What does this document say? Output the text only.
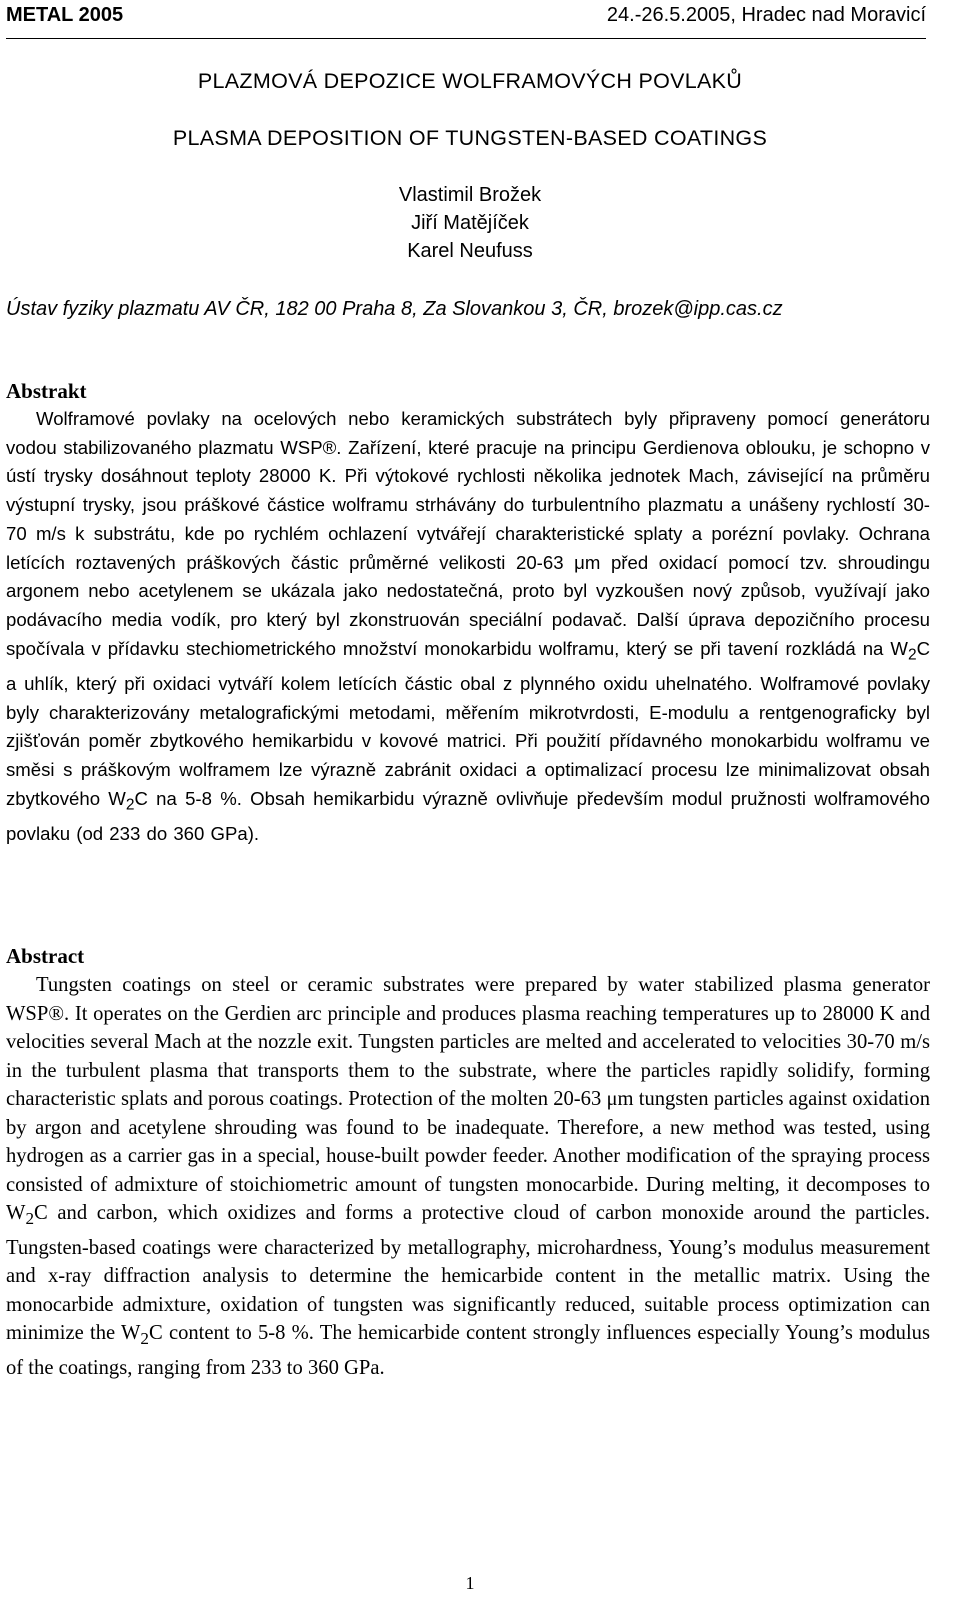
METAL 2005	24.-26.5.2005, Hradec nad Moravicí
PLAZMOVÁ DEPOZICE WOLFRAMOVÝCH POVLAKŮ
PLASMA DEPOSITION OF TUNGSTEN-BASED COATINGS
Vlastimil Brožek
Jiří Matějíček
Karel Neufuss
Ústav fyziky plazmatu AV ČR, 182 00 Praha 8, Za Slovankou 3, ČR, brozek@ipp.cas.cz
Abstrakt
Wolframové povlaky na ocelových nebo keramických substrátech byly připraveny pomocí generátoru vodou stabilizovaného plazmatu WSP®. Zařízení, které pracuje na principu Gerdienova oblouku, je schopno v ústí trysky dosáhnout teploty 28000 K. Při výtokové rychlosti několika jednotek Mach, závisející na průměru výstupní trysky, jsou práškové částice wolframu strhávány do turbulentního plazmatu a unášeny rychlostí 30-70 m/s k substrátu, kde po rychlém ochlazení vytvářejí charakteristické splaty a porézní povlaky. Ochrana letících roztavených práškových částic průměrné velikosti 20-63 μm před oxidací pomocí tzv. shroudingu argonem nebo acetylenem se ukázala jako nedostatečná, proto byl vyzkoušen nový způsob, využívají jako podávacího media vodík, pro který byl zkonstruován speciální podavač. Další úprava depozičního procesu spočívala v přídavku stechiometrického množství monokarbidu wolframu, který se při tavení rozkládá na $W_2C$ a uhlík, který při oxidaci vytváří kolem letících částic obal z plynného oxidu uhelnatého. Wolframové povlaky byly charakterizovány metalografickými metodami, měřením mikrotvrdosti, E-modulu a rentgenograficky byl zjišťován poměr zbytkového hemikarbidu v kovové matrici. Při použití přídavného monokarbidu wolframu ve směsi s práškovým wolframem lze výrazně zabránit oxidaci a optimalizací procesu lze minimalizovat obsah zbytkového $W_2C$ na 5-8 %. Obsah hemikarbidu výrazně ovlivňuje především modul pružnosti wolframového povlaku (od 233 do 360 GPa).
Abstract
Tungsten coatings on steel or ceramic substrates were prepared by water stabilized plasma generator WSP®. It operates on the Gerdien arc principle and produces plasma reaching temperatures up to 28000 K and velocities several Mach at the nozzle exit. Tungsten particles are melted and accelerated to velocities 30-70 m/s in the turbulent plasma that transports them to the substrate, where the particles rapidly solidify, forming characteristic splats and porous coatings. Protection of the molten 20-63 μm tungsten particles against oxidation by argon and acetylene shrouding was found to be inadequate. Therefore, a new method was tested, using hydrogen as a carrier gas in a special, house-built powder feeder. Another modification of the spraying process consisted of admixture of stoichiometric amount of tungsten monocarbide. During melting, it decomposes to $W_2C$ and carbon, which oxidizes and forms a protective cloud of carbon monoxide around the particles. Tungsten-based coatings were characterized by metallography, microhardness, Young’s modulus measurement and x-ray diffraction analysis to determine the hemicarbide content in the metallic matrix. Using the monocarbide admixture, oxidation of tungsten was significantly reduced, suitable process optimization can minimize the $W_2C$ content to 5-8 %. The hemicarbide content strongly influences especially Young’s modulus of the coatings, ranging from 233 to 360 GPa.
1
